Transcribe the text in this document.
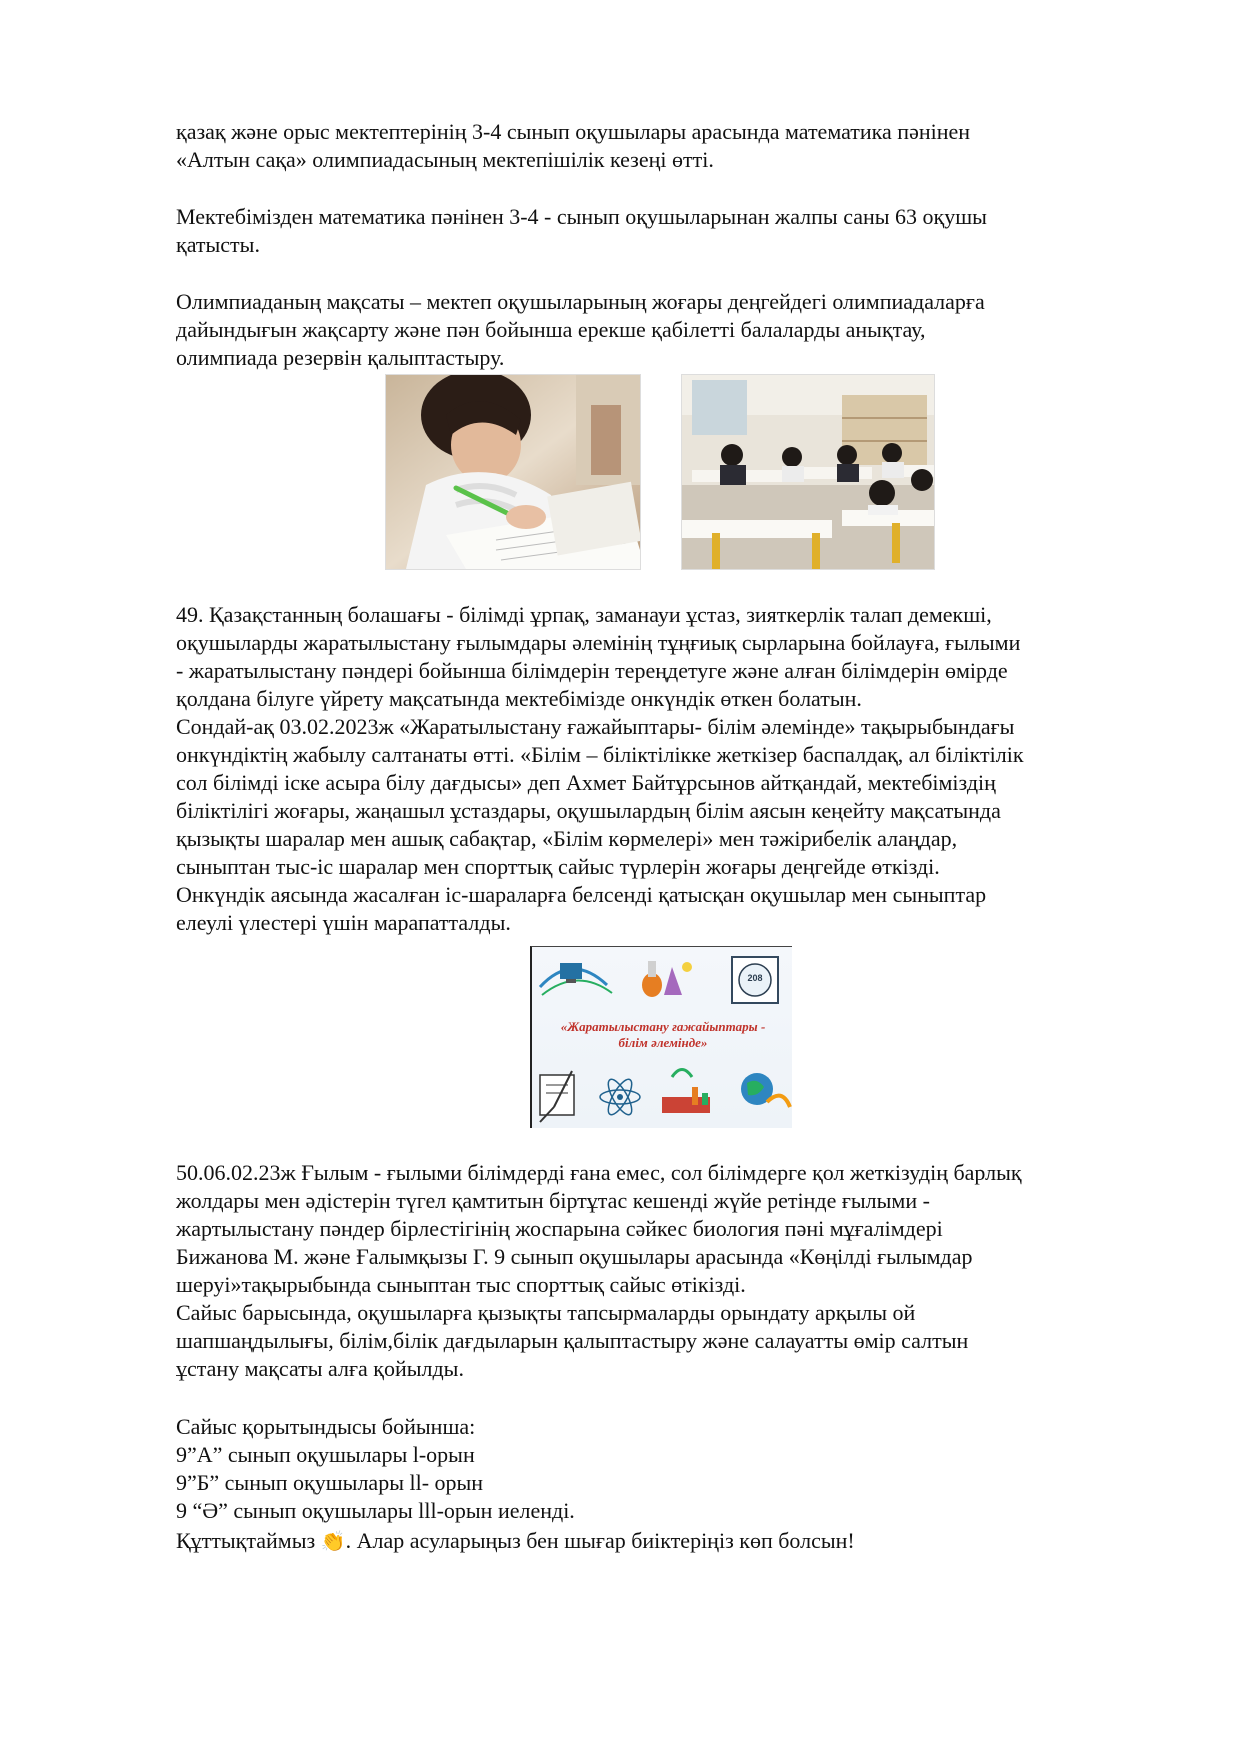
қазақ және орыс мектептерінің 3-4 сынып оқушылары арасында математика пәнінен
«Алтын сақа» олимпиадасының мектепішілік кезеңі өтті.
Мектебімізден математика пәнінен 3-4 - сынып оқушыларынан жалпы саны 63 оқушы
қатысты.
Олимпиаданың мақсаты – мектеп оқушыларының жоғары деңгейдегі олимпиадаларға
дайындығын жақсарту және пән бойынша ерекше қабілетті балаларды анықтау,
олимпиада резервін қалыптастыру.
49. Қазақстанның болашағы - білімді ұрпақ, заманауи ұстаз, зияткерлік талап демекші,
оқушыларды жаратылыстану ғылымдары әлемінің тұңғиық сырларына бойлауға, ғылыми
- жаратылыстану пәндері бойынша білімдерін тереңдетуге және алған білімдерін өмірде
қолдана білуге үйрету мақсатында мектебімізде онкүндік өткен болатын.
Сондай-ақ 03.02.2023ж «Жаратылыстану ғажайыптары- білім әлемінде» тақырыбындағы
онкүндіктің жабылу салтанаты өтті. «Білім – біліктілікке жеткізер баспалдақ, ал біліктілік
сол білімді іске асыра білу дағдысы» деп Ахмет Байтұрсынов айтқандай, мектебіміздің
біліктілігі жоғары, жаңашыл ұстаздары, оқушылардың білім аясын кеңейту мақсатында
қызықты шаралар мен ашық сабақтар, «Білім көрмелері» мен тәжірибелік алаңдар,
сыныптан тыс-іс шаралар мен спорттық сайыс түрлерін жоғары деңгейде өткізді.
Онкүндік аясында жасалған іс-шараларға белсенді қатысқан оқушылар мен сыныптар
елеулі үлестері үшін марапатталды.
208
«Жаратылыстану ғажайыптары -
білім әлемінде»
50.06.02.23ж Ғылым - ғылыми білімдерді ғана емес, сол білімдерге қол жеткізудің барлық
жолдары мен әдістерін түгел қамтитын біртұтас кешенді жүйе ретінде ғылыми -
жартылыстану пәндер бірлестігінің жоспарына сәйкес биология пәні мұғалімдері
Бижанова М. және Ғалымқызы Г. 9 сынып оқушылары арасында «Көңілді ғылымдар
шеруі»тақырыбында сыныптан тыс спорттық сайыс өтікізді.
Сайыс барысында, оқушыларға қызықты тапсырмаларды орындату арқылы ой
шапшаңдылығы, білім,білік дағдыларын қалыптастыру және салауатты өмір салтын
ұстану мақсаты алға қойылды.
Сайыс қорытындысы бойынша:
9”А” сынып оқушылары l-орын
9”Б” сынып оқушылары ll- орын
9 “Ә” сынып оқушылары lll-орын иеленді.
Құттықтаймыз 👏. Алар асуларыңыз бен шығар биіктеріңіз көп болсын!
